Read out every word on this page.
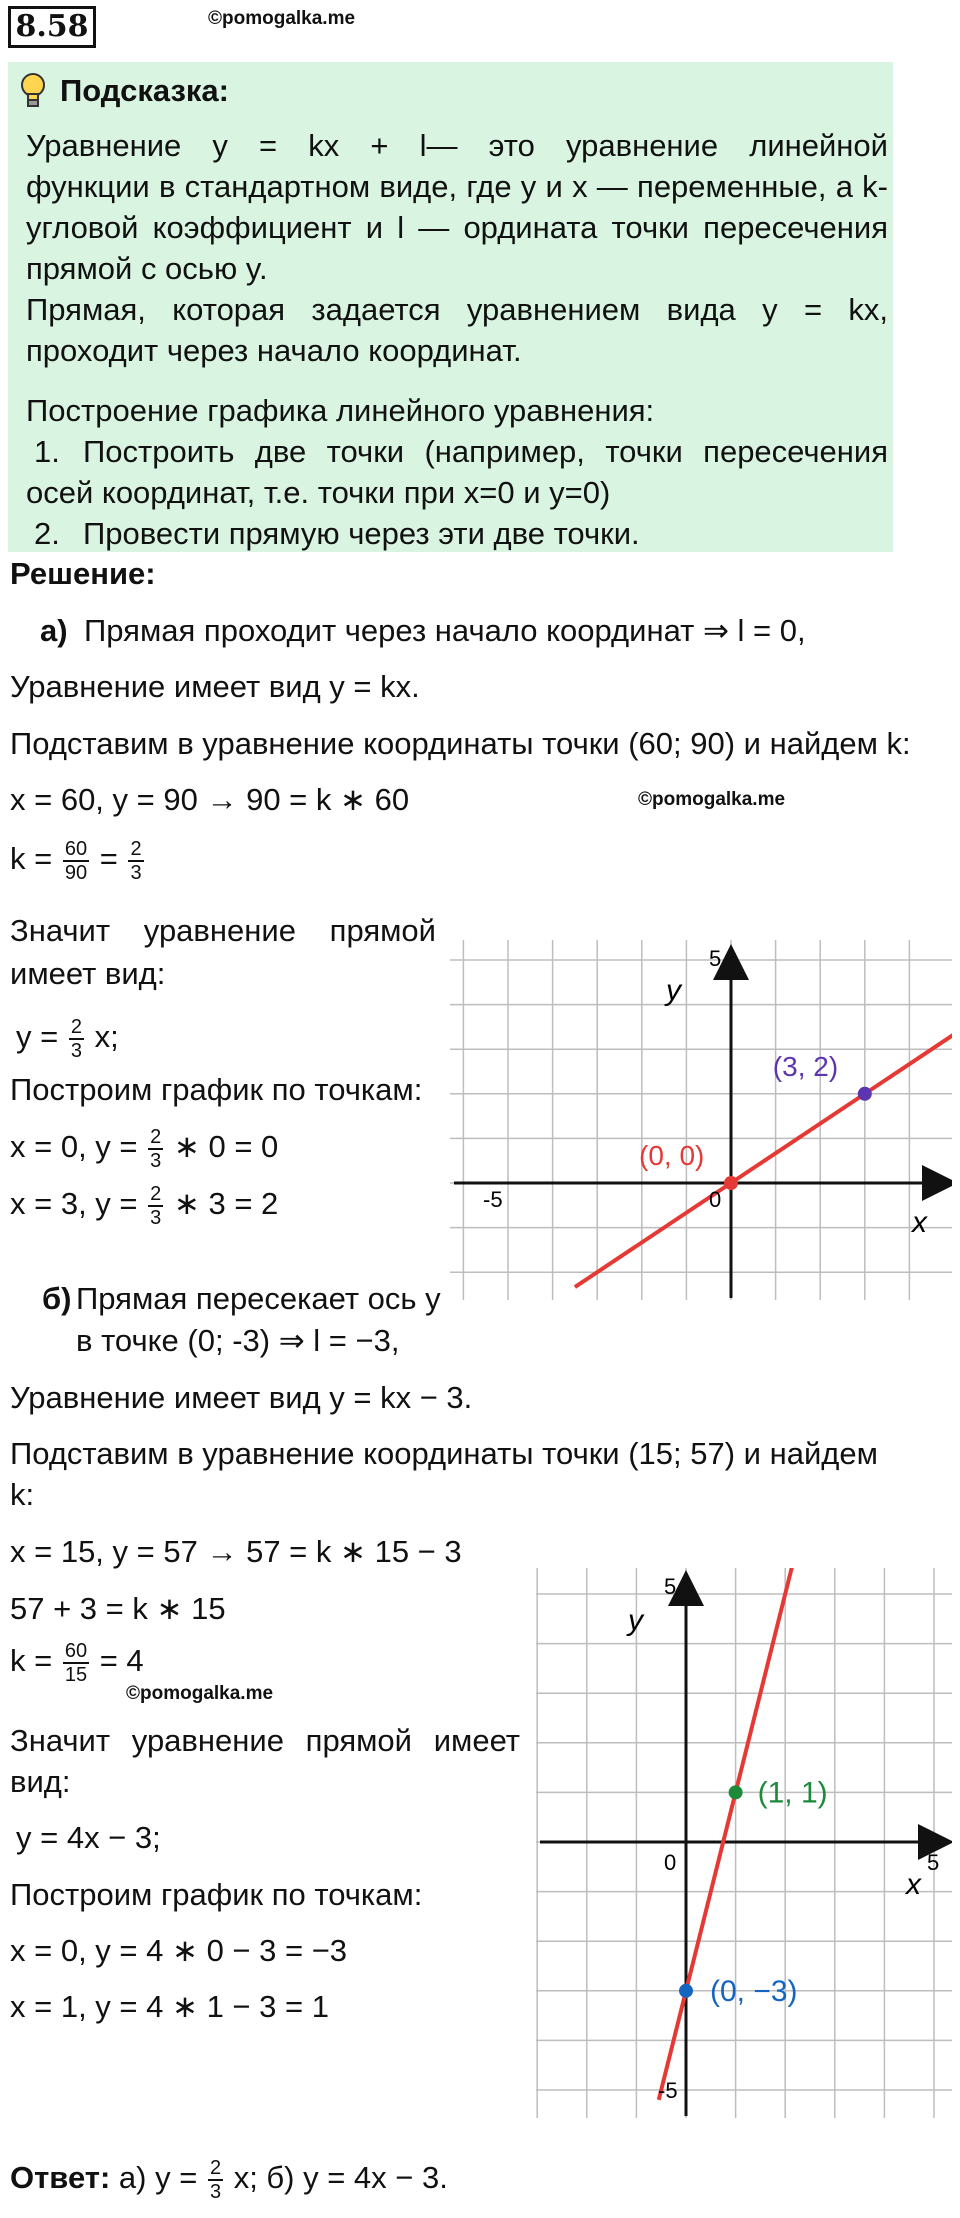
8.58	©pomogalka.me
Подсказка:
Уравнение y = kx + l— это уравнение линейной
функции в стандартном виде, где y и x — переменные, а k-
угловой коэффициент и l — ордината точки пересечения
прямой с осью y.
Прямая, которая задается уравнением вида y = kx,
проходит через начало координат.
Построение графика линейного уравнения:
1. Построить две точки (например, точки пересечения
осей координат, т.е. точки при x=0 и y=0)
2. Провести прямую через эти две точки.
Решение:
а) Прямая проходит через начало координат ⇒ l = 0,
Уравнение имеет вид y = kx.
Подставим в уравнение координаты точки (60; 90) и найдем k:
x = 60, y = 90 → 90 = k ∗ 60	©pomogalka.me
$k = \frac{60}{90} = \frac{2}{3}$
Значит уравнение прямой
имеет вид:
$y = \frac{2}{3} x$;
Построим график по точкам:
x = 0, $y = \frac{2}{3}$ ∗ 0 = 0
x = 3, $y = \frac{2}{3}$ ∗ 3 = 2
(0, 0)
(3, 2)
-5	0
5
y
x
б) Прямая пересекает ось y
в точке (0; -3) ⇒ l = −3,
Уравнение имеет вид y = kx − 3.
Подставим в уравнение координаты точки (15; 57) и найдем
k:
x = 15, y = 57 → 57 = k ∗ 15 − 3
57 + 3 = k ∗ 15
$k = \frac{60}{15} = 4$
©pomogalka.me
Значит уравнение прямой имеет
вид:
y = 4x − 3;
Построим график по точкам:
x = 0, y = 4 ∗ 0 − 3 = −3
x = 1, y = 4 ∗ 1 − 3 = 1
(1, 1)
(0, −3)
0	5
5
-5
y
x
Ответ: а) $y = \frac{2}{3} x$; б) y = 4x − 3.
